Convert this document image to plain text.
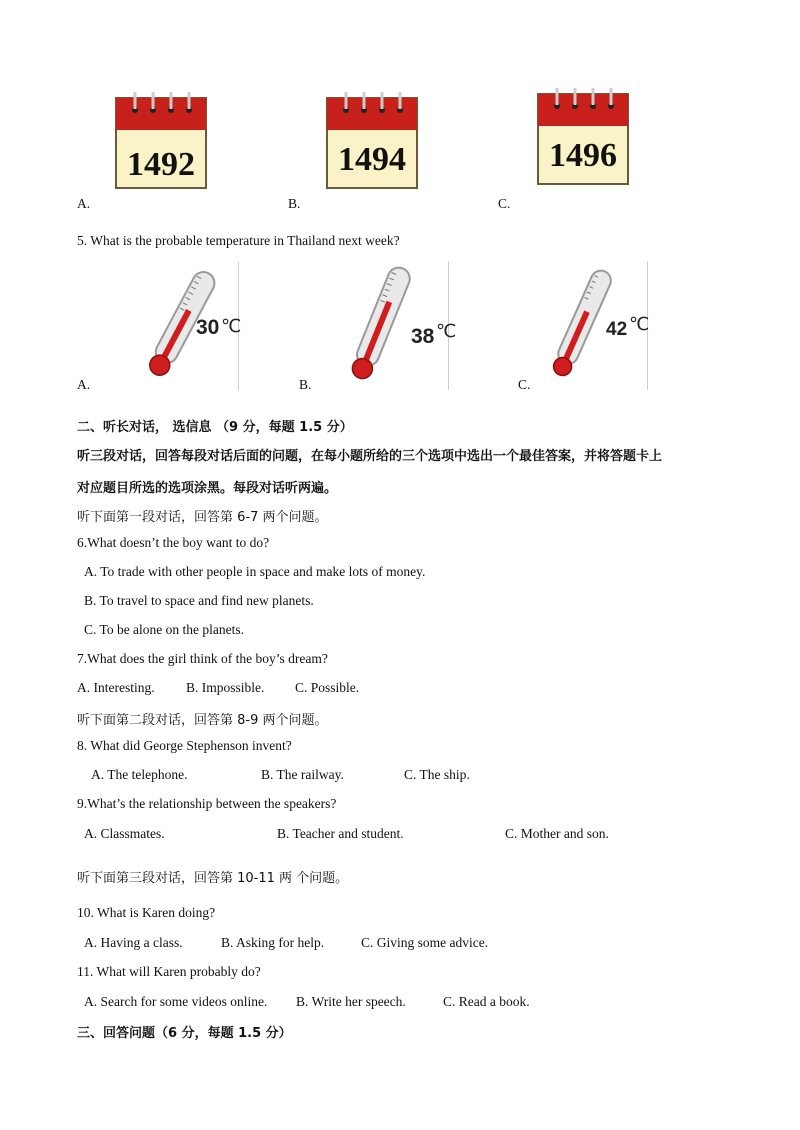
1492
A.
1494
B.
1496
C.
5. What is the probable temperature in Thailand next week?
30 ℃
A.
38 ℃
B.
42 ℃
C.
二、听长对话， 选信息 （9 分，每题 1.5 分）
听三段对话，回答每段对话后面的问题，在每小题所给的三个选项中选出一个最佳答案，并将答题卡上
对应题目所选的选项涂黑。每段对话听两遍。
听下面第一段对话，回答第 6-7 两个问题。
6.What doesn’t the boy want to do?
A. To trade with other people in space and make lots of money.
B. To travel to space and find new planets.
C. To be alone on the planets.
7.What does the girl think of the boy’s dream?
A. Interesting. B. Impossible. C. Possible.
听下面第二段对话，回答第 8-9 两个问题。
8. What did George Stephenson invent?
A. The telephone.	B. The railway.	C. The ship.
9.What’s the relationship between the speakers?
A. Classmates.	B. Teacher and student.	C. Mother and son.
听下面第三段对话，回答第 10-11 两 个问题。
10. What is Karen doing?
A. Having a class.	B. Asking for help.	C. Giving some advice.
11. What will Karen probably do?
A. Search for some videos online. B. Write her speech.	C. Read a book.
三、回答问题（6 分，每题 1.5 分）
